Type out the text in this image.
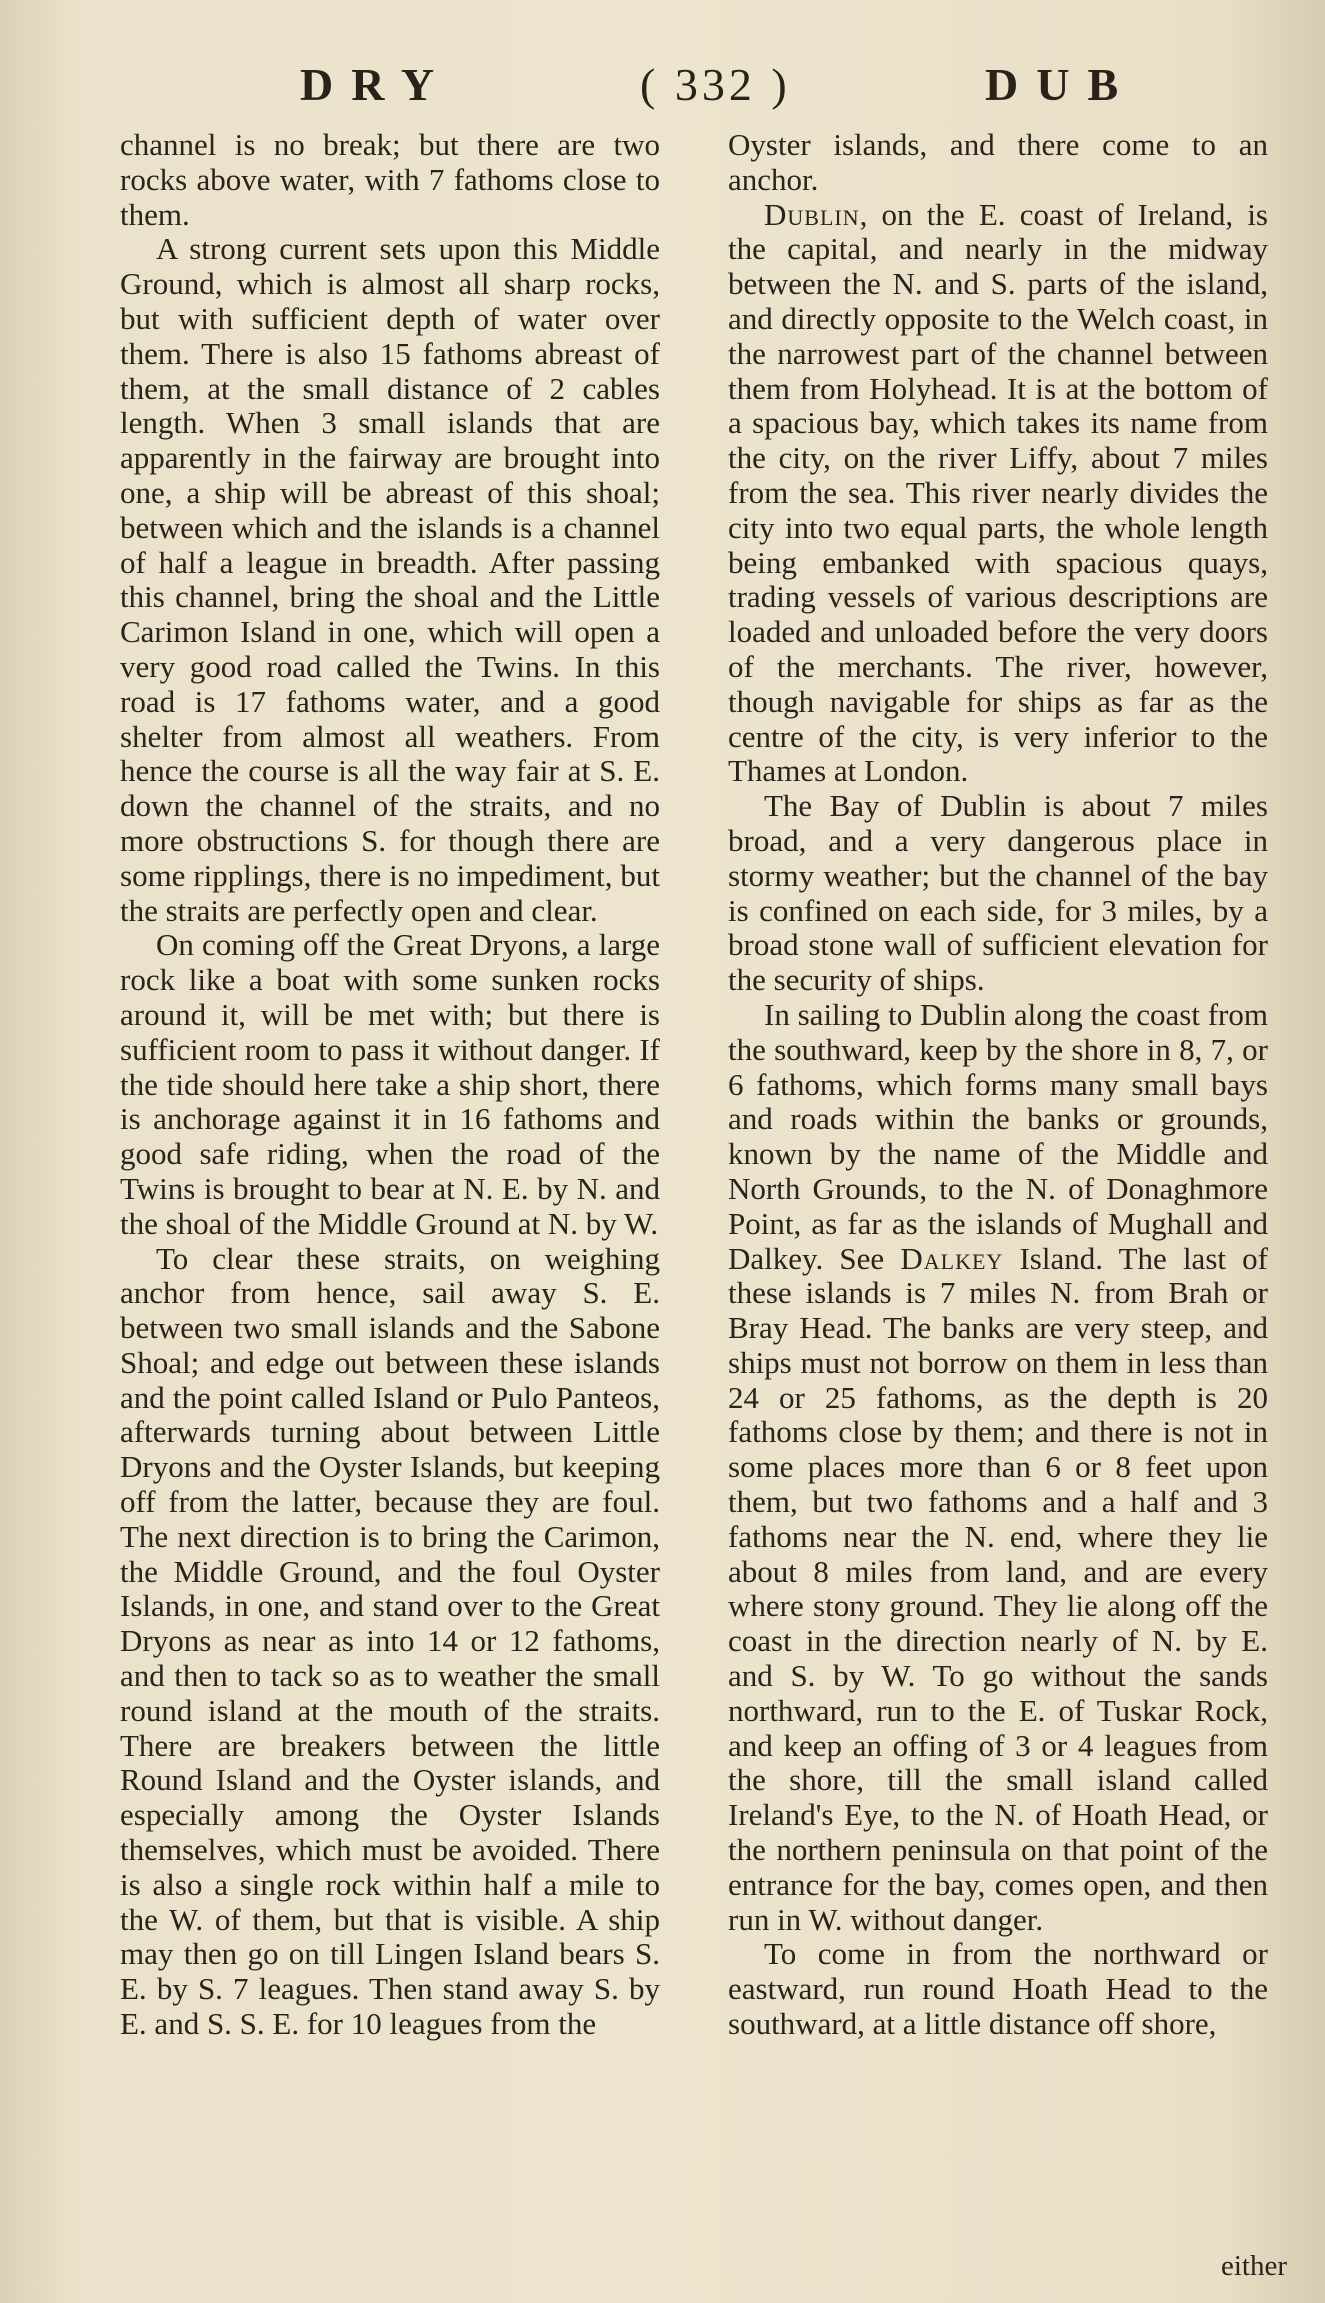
DRY	( 332 )	DUB

channel is no break; but there are two rocks above water, with 7 fathoms close to them.

A strong current sets upon this Middle Ground, which is almost all sharp rocks, but with sufficient depth of water over them. There is also 15 fathoms abreast of them, at the small distance of 2 cables length. When 3 small islands that are apparently in the fairway are brought into one, a ship will be abreast of this shoal; between which and the islands is a channel of half a league in breadth. After passing this channel, bring the shoal and the Little Carimon Island in one, which will open a very good road called the Twins. In this road is 17 fathoms water, and a good shelter from almost all weathers. From hence the course is all the way fair at S. E. down the channel of the straits, and no more obstructions S. for though there are some ripplings, there is no impediment, but the straits are perfectly open and clear.

On coming off the Great Dryons, a large rock like a boat with some sunken rocks around it, will be met with; but there is sufficient room to pass it without danger. If the tide should here take a ship short, there is anchorage against it in 16 fathoms and good safe riding, when the road of the Twins is brought to bear at N. E. by N. and the shoal of the Middle Ground at N. by W.

To clear these straits, on weighing anchor from hence, sail away S. E. between two small islands and the Sabone Shoal; and edge out between these islands and the point called Island or Pulo Panteos, afterwards turning about between Little Dryons and the Oyster Islands, but keeping off from the latter, because they are foul. The next direction is to bring the Carimon, the Middle Ground, and the foul Oyster Islands, in one, and stand over to the Great Dryons as near as into 14 or 12 fathoms, and then to tack so as to weather the small round island at the mouth of the straits. There are breakers between the little Round Island and the Oyster islands, and especially among the Oyster Islands themselves, which must be avoided. There is also a single rock within half a mile to the W. of them, but that is visible. A ship may then go on till Lingen Island bears S. E. by S. 7 leagues. Then stand away S. by E. and S. S. E. for 10 leagues from the

Oyster islands, and there come to an anchor.

Dublin, on the E. coast of Ireland, is the capital, and nearly in the midway between the N. and S. parts of the island, and directly opposite to the Welch coast, in the narrowest part of the channel between them from Holyhead. It is at the bottom of a spacious bay, which takes its name from the city, on the river Liffy, about 7 miles from the sea. This river nearly divides the city into two equal parts, the whole length being embanked with spacious quays, trading vessels of various descriptions are loaded and unloaded before the very doors of the merchants. The river, however, though navigable for ships as far as the centre of the city, is very inferior to the Thames at London.

The Bay of Dublin is about 7 miles broad, and a very dangerous place in stormy weather; but the channel of the bay is confined on each side, for 3 miles, by a broad stone wall of sufficient elevation for the security of ships.

In sailing to Dublin along the coast from the southward, keep by the shore in 8, 7, or 6 fathoms, which forms many small bays and roads within the banks or grounds, known by the name of the Middle and North Grounds, to the N. of Donaghmore Point, as far as the islands of Mughall and Dalkey. See Dalkey Island. The last of these islands is 7 miles N. from Brah or Bray Head. The banks are very steep, and ships must not borrow on them in less than 24 or 25 fathoms, as the depth is 20 fathoms close by them; and there is not in some places more than 6 or 8 feet upon them, but two fathoms and a half and 3 fathoms near the N. end, where they lie about 8 miles from land, and are every where stony ground. They lie along off the coast in the direction nearly of N. by E. and S. by W. To go without the sands northward, run to the E. of Tuskar Rock, and keep an offing of 3 or 4 leagues from the shore, till the small island called Ireland's Eye, to the N. of Hoath Head, or the northern peninsula on that point of the entrance for the bay, comes open, and then run in W. without danger.

To come in from the northward or eastward, run round Hoath Head to the southward, at a little distance off shore,

either
